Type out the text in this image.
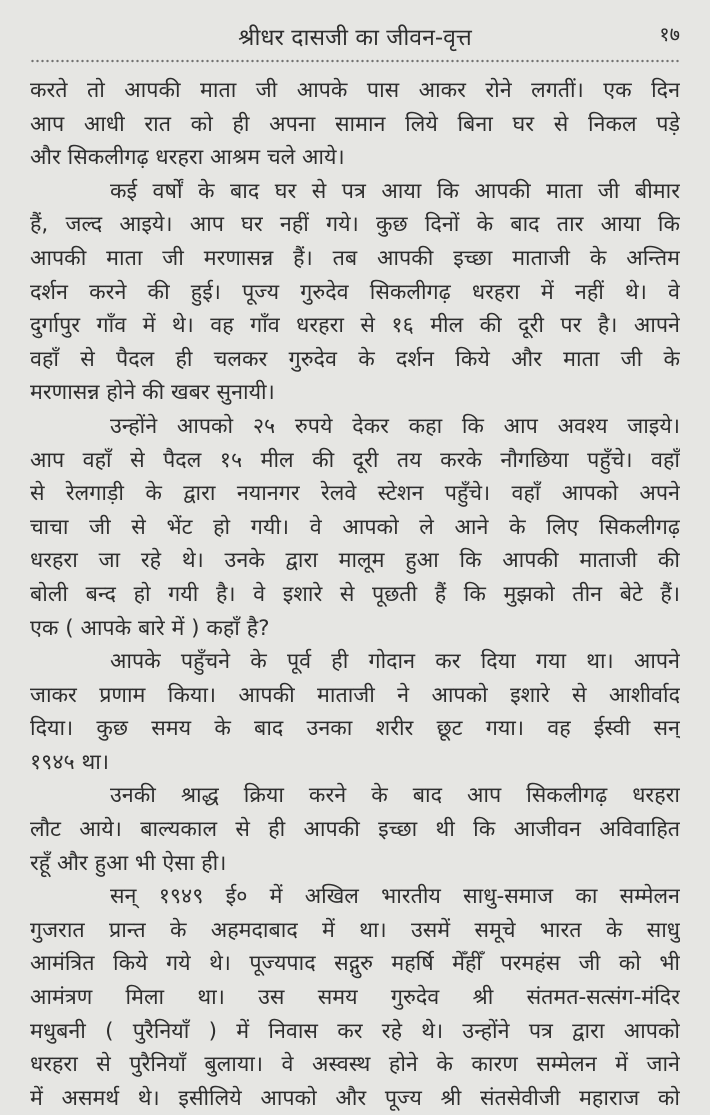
श्रीधर दासजी का जीवन-वृत्त	१७
करते तो आपकी माता जी आपके पास आकर रोने लगतीं। एक दिन
आप आधी रात को ही अपना सामान लिये बिना घर से निकल पड़े
और सिकलीगढ़ धरहरा आश्रम चले आये।
कई वर्षों के बाद घर से पत्र आया कि आपकी माता जी बीमार
हैं, जल्द आइये। आप घर नहीं गये। कुछ दिनों के बाद तार आया कि
आपकी माता जी मरणासन्न हैं। तब आपकी इच्छा माताजी के अन्तिम
दर्शन करने की हुई। पूज्य गुरुदेव सिकलीगढ़ धरहरा में नहीं थे। वे
दुर्गापुर गाँव में थे। वह गाँव धरहरा से १६ मील की दूरी पर है। आपने
वहाँ से पैदल ही चलकर गुरुदेव के दर्शन किये और माता जी के
मरणासन्न होने की खबर सुनायी।
उन्होंने आपको २५ रुपये देकर कहा कि आप अवश्य जाइये।
आप वहाँ से पैदल १५ मील की दूरी तय करके नौगछिया पहुँचे। वहाँ
से रेलगाड़ी के द्वारा नयानगर रेलवे स्टेशन पहुँचे। वहाँ आपको अपने
चाचा जी से भेंट हो गयी। वे आपको ले आने के लिए सिकलीगढ़
धरहरा जा रहे थे। उनके द्वारा मालूम हुआ कि आपकी माताजी की
बोली बन्द हो गयी है। वे इशारे से पूछती हैं कि मुझको तीन बेटे हैं।
एक ( आपके बारे में ) कहाँ है?
आपके पहुँचने के पूर्व ही गोदान कर दिया गया था। आपने
जाकर प्रणाम किया। आपकी माताजी ने आपको इशारे से आशीर्वाद
दिया। कुछ समय के बाद उनका शरीर छूट गया। वह ईस्वी सन्
१९४५ था।
उनकी श्राद्ध क्रिया करने के बाद आप सिकलीगढ़ धरहरा
लौट आये। बाल्यकाल से ही आपकी इच्छा थी कि आजीवन अविवाहित
रहूँ और हुआ भी ऐसा ही।
सन् १९४९ ई० में अखिल भारतीय साधु-समाज का सम्मेलन
गुजरात प्रान्त के अहमदाबाद में था। उसमें समूचे भारत के साधु
आमंत्रित किये गये थे। पूज्यपाद सद्गुरु महर्षि मेँहीँ परमहंस जी को भी
आमंत्रण मिला था। उस समय गुरुदेव श्री संतमत-सत्संग-मंदिर
मधुबनी ( पुरैनियाँ ) में निवास कर रहे थे। उन्होंने पत्र द्वारा आपको
धरहरा से पुरैनियाँ बुलाया। वे अस्वस्थ होने के कारण सम्मेलन में जाने
में असमर्थ थे। इसीलिये आपको और पूज्य श्री संतसेवीजी महाराज को
